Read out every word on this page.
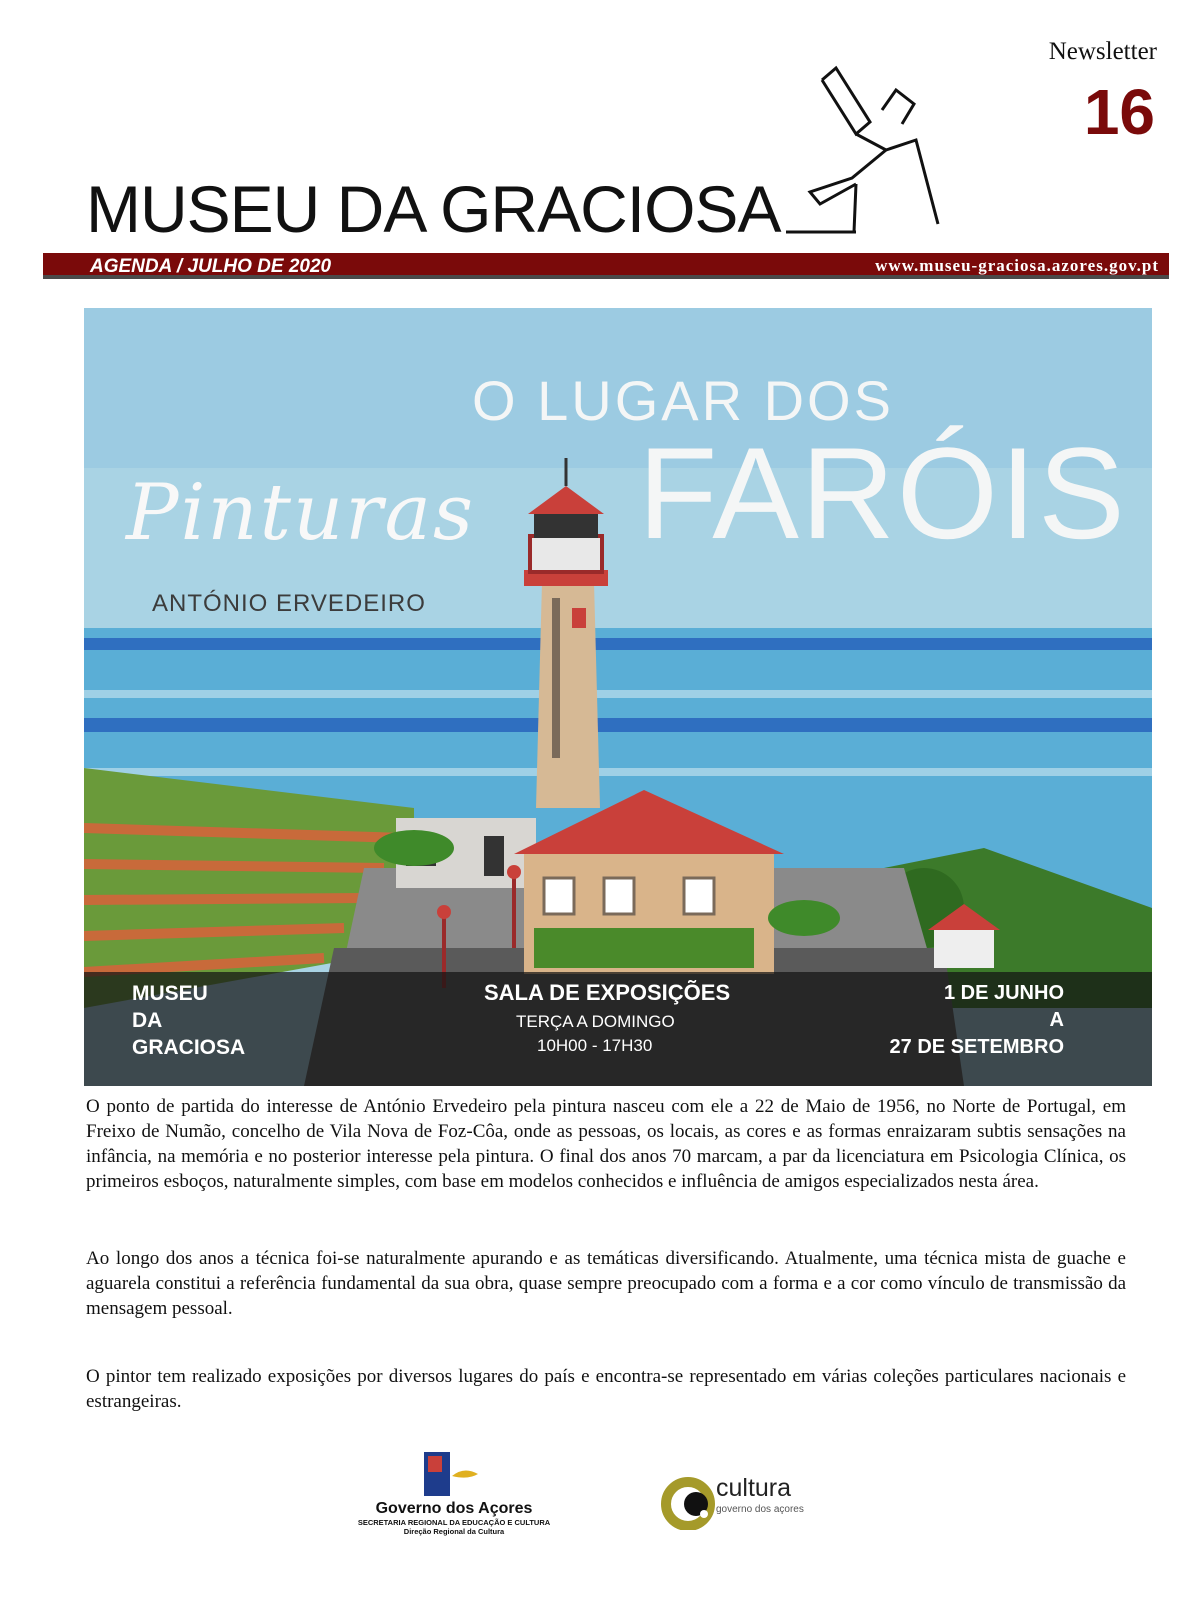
Newsletter
16
MUSEU DA GRACIOSA
AGENDA / JULHO DE 2020	www.museu-graciosa.azores.gov.pt
O LUGAR DOS
FARÓIS
Pinturas
ANTÓNIO ERVEDEIRO
MUSEU
DA
GRACIOSA
SALA DE EXPOSIÇÕES
TERÇA A DOMINGO
10H00 - 17H30
1 DE JUNHO
A
27 DE SETEMBRO

O ponto de partida do interesse de António Ervedeiro pela pintura nasceu com ele a 22 de Maio de 1956, no Norte de Portugal, em Freixo de Numão, concelho de Vila Nova de Foz-Côa, onde as pessoas, os locais, as cores e as formas enraizaram subtis sensações na infância, na memória e no posterior interesse pela pintura. O final dos anos 70 marcam, a par da licenciatura em Psicologia Clínica, os primeiros esboços, naturalmente simples, com base em modelos conhecidos e influência de amigos especializados nesta área.

Ao longo dos anos a técnica foi-se naturalmente apurando e as temáticas diversificando. Atualmente, uma técnica mista de guache e aguarela constitui a referência fundamental da sua obra, quase sempre preocupado com a forma e a cor como vínculo de transmissão da mensagem pessoal.

O pintor tem realizado exposições por diversos lugares do país e encontra-se representado em várias coleções particulares nacionais e estrangeiras.

Governo dos Açores
SECRETARIA REGIONAL DA EDUCAÇÃO E CULTURA
Direção Regional da Cultura
cultura
governo dos açores
